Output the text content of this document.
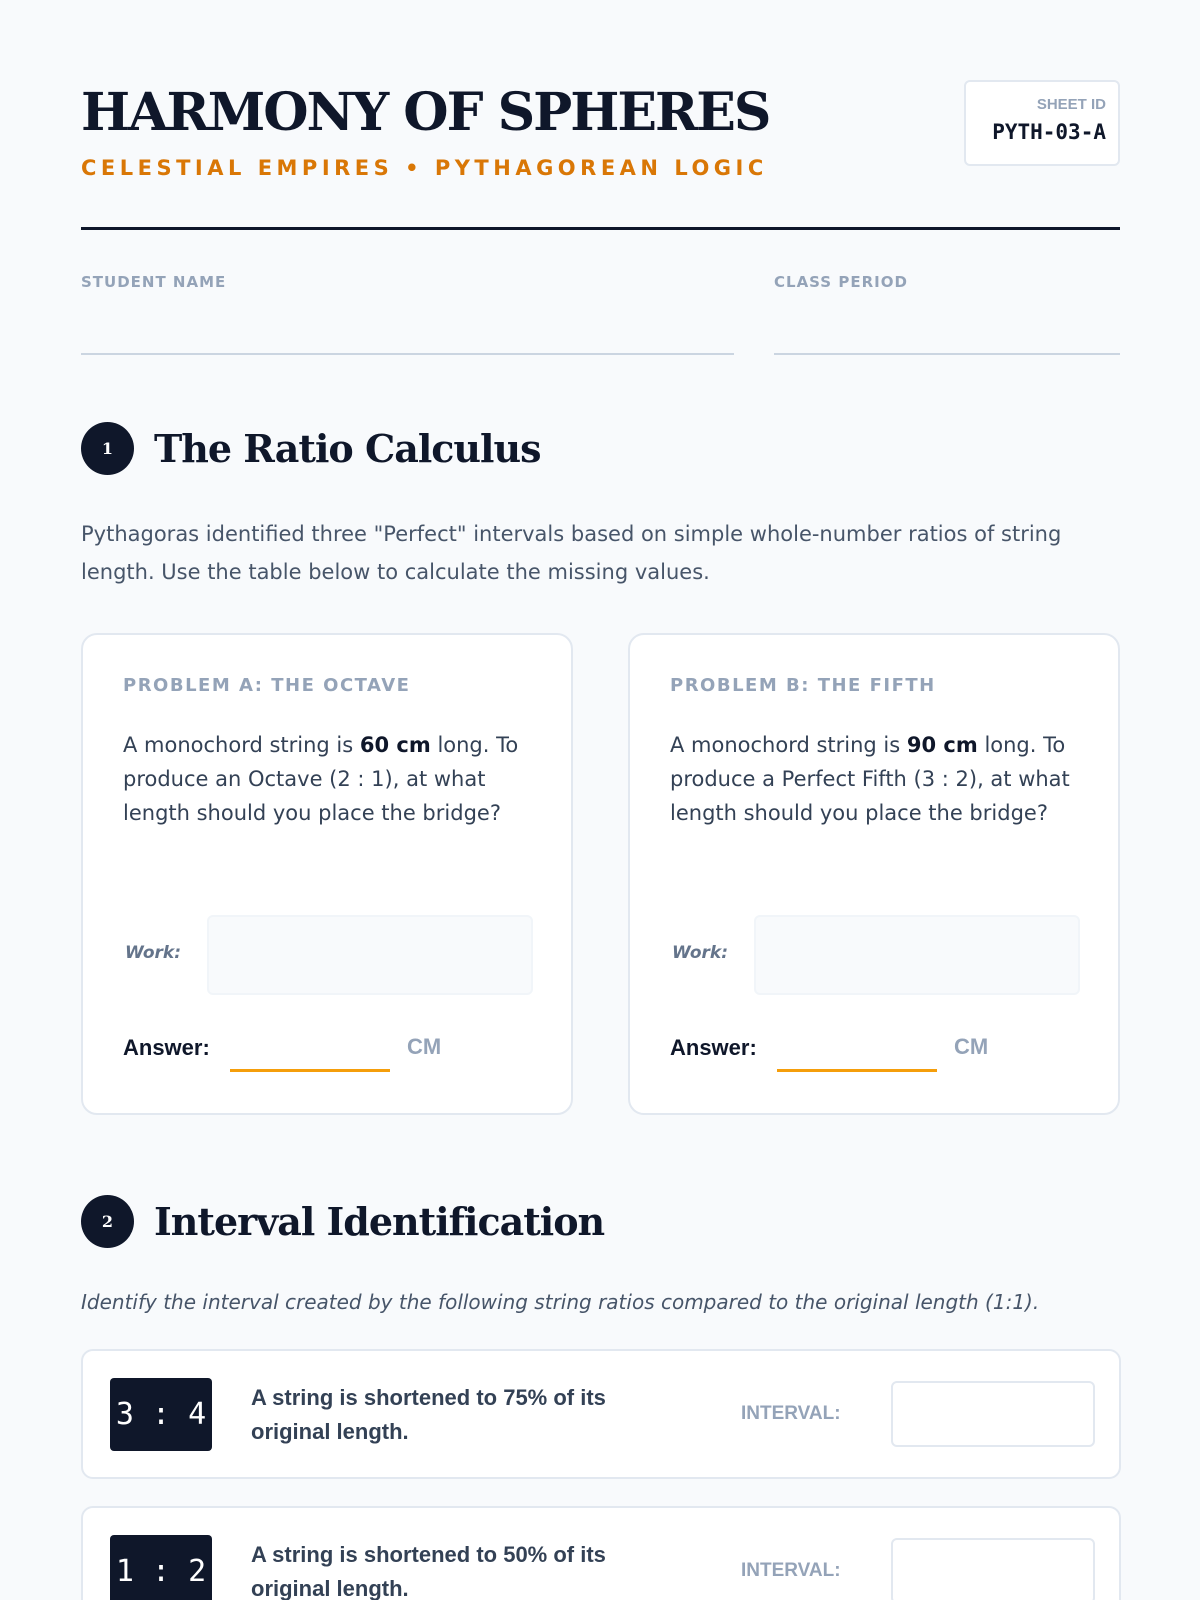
HARMONY OF SPHERES
CELESTIAL EMPIRES • PYTHAGOREAN LOGIC
SHEET ID
PYTH-03-A
STUDENT NAME	CLASS PERIOD
1	The Ratio Calculus
Pythagoras identified three "Perfect" intervals based on simple whole-number ratios of string length. Use the table below to calculate the missing values.
PROBLEM A: THE OCTAVE
A monochord string is 60 cm long. To produce an Octave (2 : 1), at what length should you place the bridge?
Work:
Answer:	CM
PROBLEM B: THE FIFTH
A monochord string is 90 cm long. To produce a Perfect Fifth (3 : 2), at what length should you place the bridge?
Work:
Answer:	CM
2	Interval Identification
Identify the interval created by the following string ratios compared to the original length (1:1).
3 : 4 A string is shortened to 75% of its original length.
INTERVAL:
1 : 2 A string is shortened to 50% of its original length.
INTERVAL:
